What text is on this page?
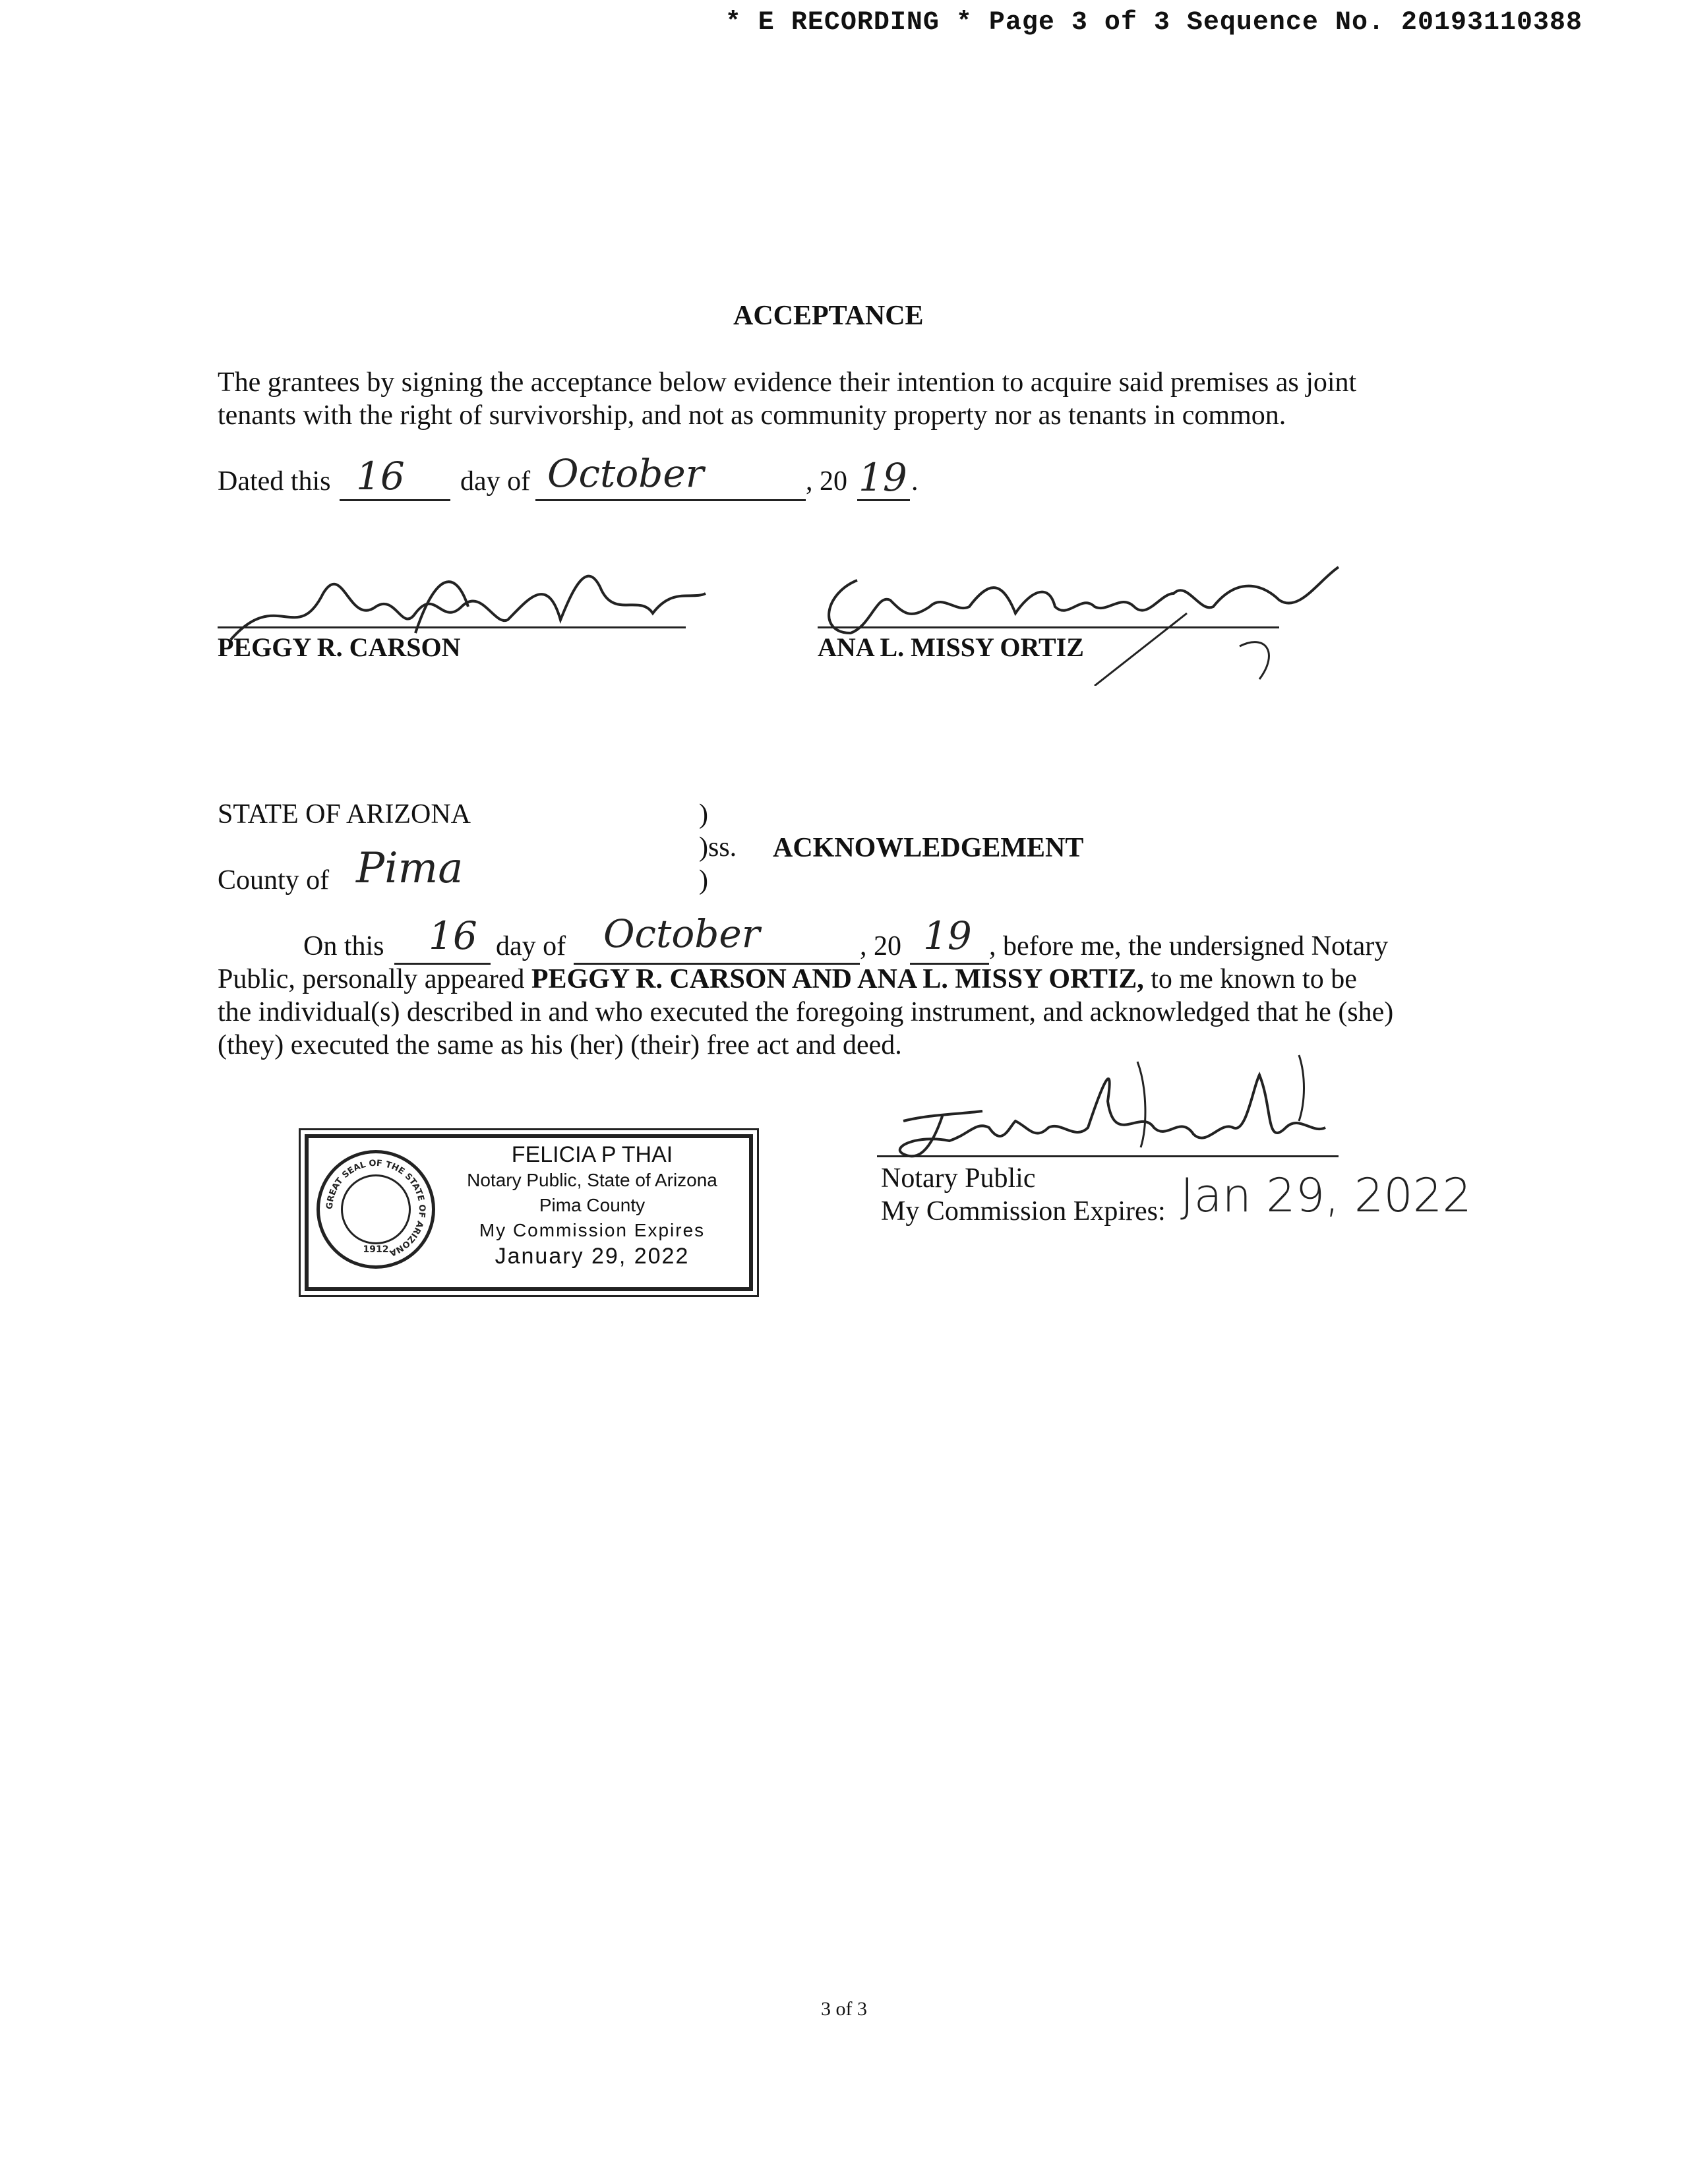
* E RECORDING * Page 3 of 3 Sequence No. 20193110388
ACCEPTANCE
The grantees by signing the acceptance below evidence their intention to acquire said premises as joint
tenants with the right of survivorship, and not as community property nor as tenants in common.
Dated this 16 day of October	, 20 19 .
PEGGY R. CARSON	ANA L. MISSY ORTIZ
STATE OF ARIZONA	)
)ss.
)
ACKNOWLEDGEMENT
County of Pima
On this 16 day of October	, 20 19 , before me, the undersigned Notary
Public, personally appeared PEGGY R. CARSON AND ANA L. MISSY ORTIZ, to me known to be
the individual(s) described in and who executed the foregoing instrument, and acknowledged that he (she)
(they) executed the same as his (her) (their) free act and deed.
GREAT SEAL OF THE STATE OF ARIZONA
1912
FELICIA P THAI
Notary Public, State of Arizona
Pima County
My Commission Expires
January 29, 2022
Notary Public
My Commission Expires: Jan 29, 2022
3 of 3
